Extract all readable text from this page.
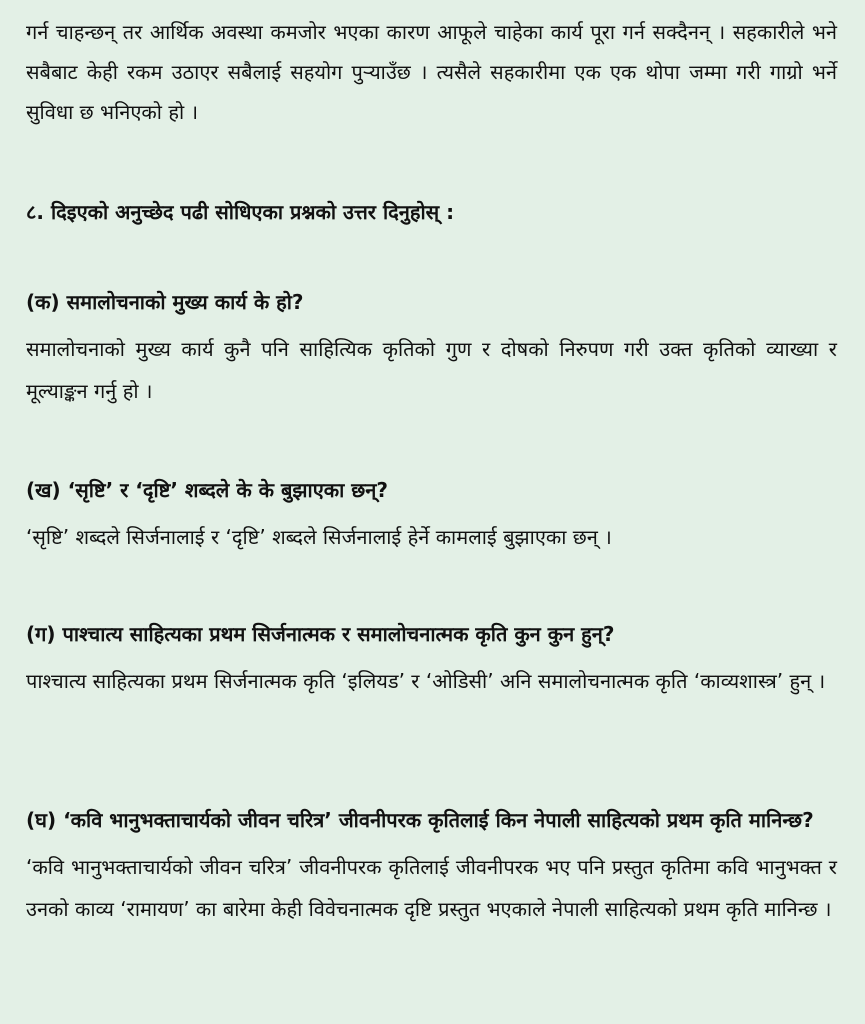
गर्न चाहन्छन् तर आर्थिक अवस्था कमजोर भएका कारण आफूले चाहेका कार्य पूरा गर्न सक्दैनन् । सहकारीले भने सबैबाट केही रकम उठाएर सबैलाई सहयोग पुऱ्याउँछ । त्यसैले सहकारीमा एक एक थोपा जम्मा गरी गाग्रो भर्ने सुविधा छ भनिएको हो ।

८. दिइएको अनुच्छेद पढी सोधिएका प्रश्नको उत्तर दिनुहोस् :

(क) समालोचनाको मुख्य कार्य के हो?

समालोचनाको मुख्य कार्य कुनै पनि साहित्यिक कृतिको गुण र दोषको निरुपण गरी उक्त कृतिको व्याख्या र मूल्याङ्कन गर्नु हो ।

(ख) ‘सृष्टि’ र ‘दृष्टि’ शब्दले के के बुझाएका छन्?

‘सृष्टि’ शब्दले सिर्जनालाई र ‘दृष्टि’ शब्दले सिर्जनालाई हेर्ने कामलाई बुझाएका छन् ।

(ग) पाश्चात्य साहित्यका प्रथम सिर्जनात्मक र समालोचनात्मक कृति कुन कुन हुन्?

पाश्चात्य साहित्यका प्रथम सिर्जनात्मक कृति ‘इलियड’ र ‘ओडिसी’ अनि समालोचनात्मक कृति ‘काव्यशास्त्र’ हुन् ।

(घ) ‘कवि भानुभक्ताचार्यको जीवन चरित्र’ जीवनीपरक कृतिलाई किन नेपाली साहित्यको प्रथम कृति मानिन्छ?

‘कवि भानुभक्ताचार्यको जीवन चरित्र’ जीवनीपरक कृतिलाई जीवनीपरक भए पनि प्रस्तुत कृतिमा कवि भानुभक्त र उनको काव्य ‘रामायण’ का बारेमा केही विवेचनात्मक दृष्टि प्रस्तुत भएकाले नेपाली साहित्यको प्रथम कृति मानिन्छ ।
